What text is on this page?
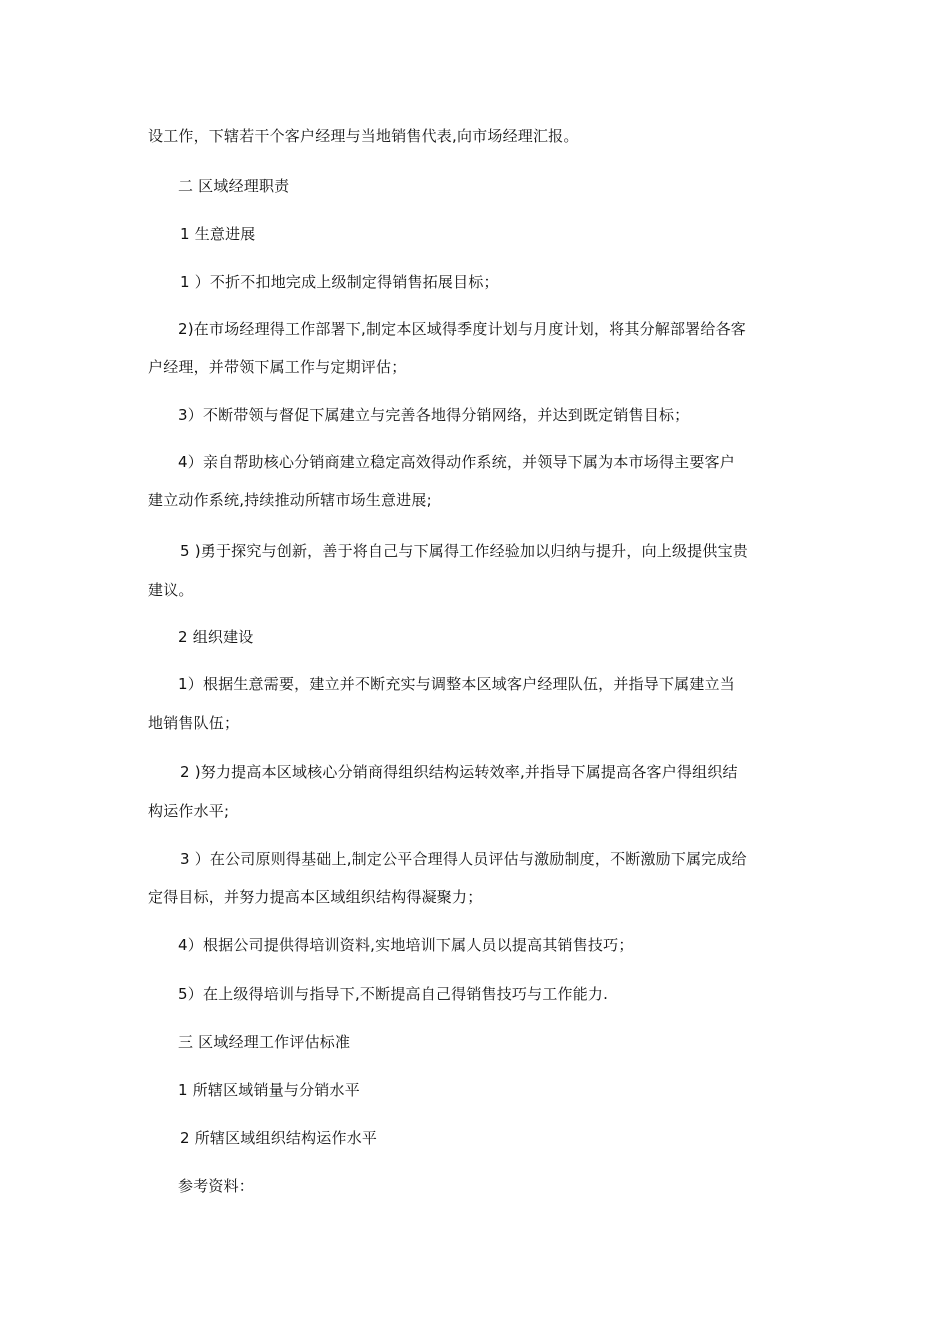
设工作，下辖若干个客户经理与当地销售代表,向市场经理汇报。
二 区域经理职责
1 生意进展
1 ）不折不扣地完成上级制定得销售拓展目标；
2)在市场经理得工作部署下,制定本区域得季度计划与月度计划，将其分解部署给各客
户经理，并带领下属工作与定期评估；
3）不断带领与督促下属建立与完善各地得分销网络，并达到既定销售目标；
4）亲自帮助核心分销商建立稳定高效得动作系统，并领导下属为本市场得主要客户
建立动作系统,持续推动所辖市场生意进展;
5 )勇于探究与创新，善于将自己与下属得工作经验加以归纳与提升，向上级提供宝贵
建议。
2 组织建设
1）根据生意需要，建立并不断充实与调整本区域客户经理队伍，并指导下属建立当
地销售队伍；
2 )努力提高本区域核心分销商得组织结构运转效率,并指导下属提高各客户得组织结
构运作水平;
3 ）在公司原则得基础上,制定公平合理得人员评估与激励制度，不断激励下属完成给
定得目标，并努力提高本区域组织结构得凝聚力；
4）根据公司提供得培训资料,实地培训下属人员以提高其销售技巧；
5）在上级得培训与指导下,不断提高自己得销售技巧与工作能力.
三 区域经理工作评估标准
1 所辖区域销量与分销水平
2 所辖区域组织结构运作水平
参考资料：
